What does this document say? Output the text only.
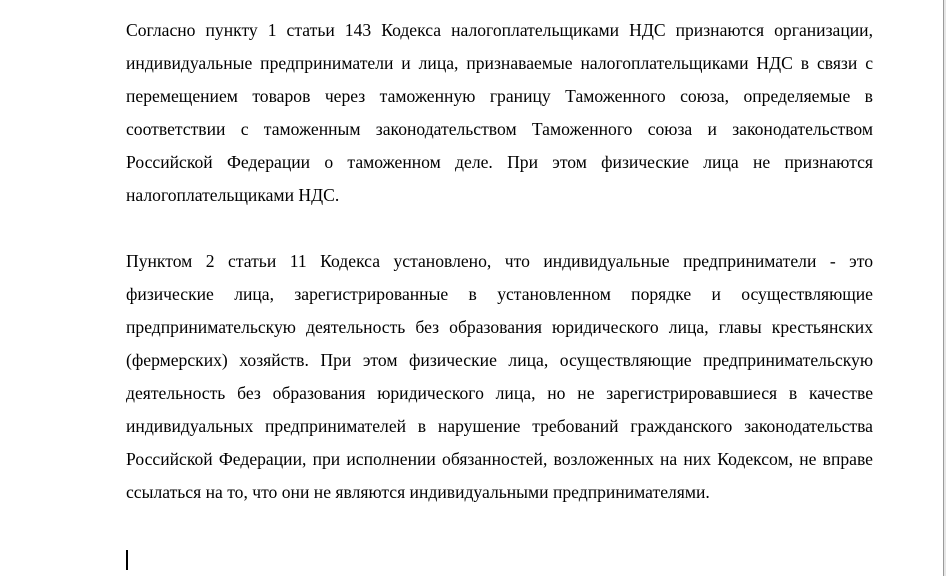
Согласно пункту 1 статьи 143 Кодекса налогоплательщиками НДС признаются организации, индивидуальные предприниматели и лица, признаваемые налогоплательщиками НДС в связи с перемещением товаров через таможенную границу Таможенного союза, определяемые в соответствии с таможенным законодательством Таможенного союза и законодательством Российской Федерации о таможенном деле. При этом физические лица не признаются налогоплательщиками НДС.

Пунктом 2 статьи 11 Кодекса установлено, что индивидуальные предприниматели - это физические лица, зарегистрированные в установленном порядке и осуществляющие предпринимательскую деятельность без образования юридического лица, главы крестьянских (фермерских) хозяйств. При этом физические лица, осуществляющие предпринимательскую деятельность без образования юридического лица, но не зарегистрировавшиеся в качестве индивидуальных предпринимателей в нарушение требований гражданского законодательства Российской Федерации, при исполнении обязанностей, возложенных на них Кодексом, не вправе ссылаться на то, что они не являются индивидуальными предпринимателями.
